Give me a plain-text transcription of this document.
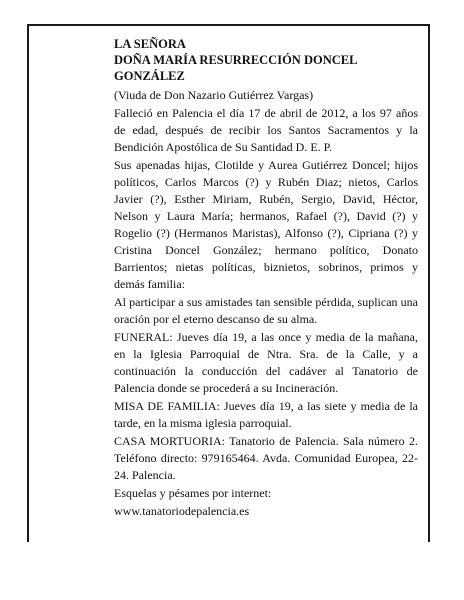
LA SEÑORA

DOÑA MARÍA RESURRECCIÓN DONCEL GONZÁLEZ

(Viuda de Don Nazario Gutiérrez Vargas)

Falleció en Palencia el día 17 de abril de 2012, a los 97 años de edad, después de recibir los Santos Sacramentos y la Bendición Apostólica de Su Santidad D. E. P.

Sus apenadas hijas, Clotilde y Aurea Gutiérrez Doncel; hijos políticos, Carlos Marcos (?) y Rubén Diaz; nietos, Carlos Javier (?), Esther Miriam, Rubén, Sergio, David, Héctor, Nelson y Laura María; hermanos, Rafael (?), David (?) y Rogelio (?) (Hermanos Maristas), Alfonso (?), Cipriana (?) y Cristina Doncel González; hermano político, Donato Barrientos; nietas políticas, biznietos, sobrinos, primos y demás familia:

Al participar a sus amistades tan sensible pérdida, suplican una oración por el eterno descanso de su alma.

FUNERAL: Jueves día 19, a las once y media de la mañana, en la Iglesia Parroquial de Ntra. Sra. de la Calle, y a continuación la conducción del cadáver al Tanatorio de Palencia donde se procederá a su Incineración.

MISA DE FAMILIA: Jueves día 19, a las siete y media de la tarde, en la misma iglesia parroquial.

CASA MORTUORIA: Tanatorio de Palencia. Sala número 2. Teléfono directo: 979165464. Avda. Comunidad Europea, 22-24. Palencia.

Esquelas y pésames por internet:

www.tanatoriodepalencia.es
